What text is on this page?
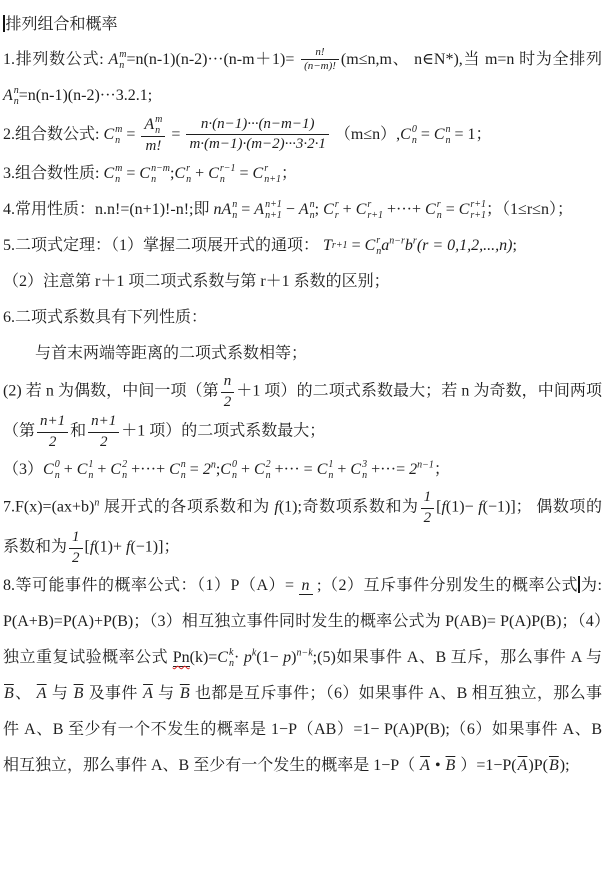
排列组合和概率

1.排列数公式: A m
$n =n(n-1)(n-2)\cdot\cdot\cdot(n-m+1)= \frac{n!}{(n-m)!} (m\le n,m$、 n∈N*),当 m=n 时为全排列
A n
n =n(n-1)(n-2)···3.2.1;

2.组合数公式: C m
n = A m
n
m! = $\frac{n\cdot(n-1)\cdot\cdot\cdot(n-m-1)}{m\cdot(m-1)\cdot(m-2)\cdot\cdot\cdot 3\cdot 2\cdot 1} (m\le n)$, C 0
n = C n
n = 1；

3.组合数性质: C m
n = C n−m
n ; C r
n + C r−1
n = C r
n+1 ；

4.常用性质：n.n!=(n+1)!-n!;即 n A n
n = A n+1
n+1 − A n
n ; C r
r + C r
r+1 +···+ C r
n = C r+1
r+1 ；（1≤r≤n）；

5.二项式定理：（1）掌握二项展开式的通项： T r+1 = C r
n $a^{n-r}b^r(r = 0,1,2,...,n)$;

（2）注意第 r＋1 项二项式系数与第 r＋1 系数的区别；

6.二项式系数具有下列性质：

与首末两端等距离的二项式系数相等；

(2) 若 n 为偶数，中间一项（第 $\frac{n}{2} +1$ 项）的二项式系数最大；若 n 为奇数，中间两项（第 $\frac{n+1}{2}$ 和 $\frac{n+1}{2} +1$ 项）的二项式系数最大；

（3） C 0
n + C 1
n + C 2
n +···+ C n
$n = 2^n$; C 0
n + C 2
n +··· = C 1
n + C 3
n +···= $2^{n-1}$；

$7.F(x)=(ax+b)^n$ 展开式的各项系数和为 f(1);奇数项系数和为 $\frac{1}{2} [f(1)- f(-1)]$； 偶数项的系数和为 $\frac{1}{2} [f(1)+ f(-1)]$；

8.等可能事件的概率公式：（1）P（A）= n ;（2）互斥事件分别发生的概率公式 为: P(A+B)=P(A)+P(B)；（3）相互独立事件同时发生的概率公式为 P(AB)= P(A)P(B)；（4）独立重复试验概率公式 Pn(k)= C k
$n \cdot p^k(1-$ $p)^{n-k};(5)$如果事件 A、B 互斥，那么事件 A 与 $\overline{B}$、 $\overline{A}$ 与 $\overline{B}$ 及事件 $\overline{A}$ 与 $\overline{B}$ 也都是互斥事件；（6）如果事件 A、B 相互独立，那么事件 A、B 至少有一个不发生的概率是 1−P（AB）=1− P(A)P(B);（6）如果事件 A、B 相互独立，那么事件 A、B 至少有一个发生的概率是 1−P（ $\overline{A}$ • $\overline{B}$ ）$=1-P(\overline{A})P(\overline{B})$;
